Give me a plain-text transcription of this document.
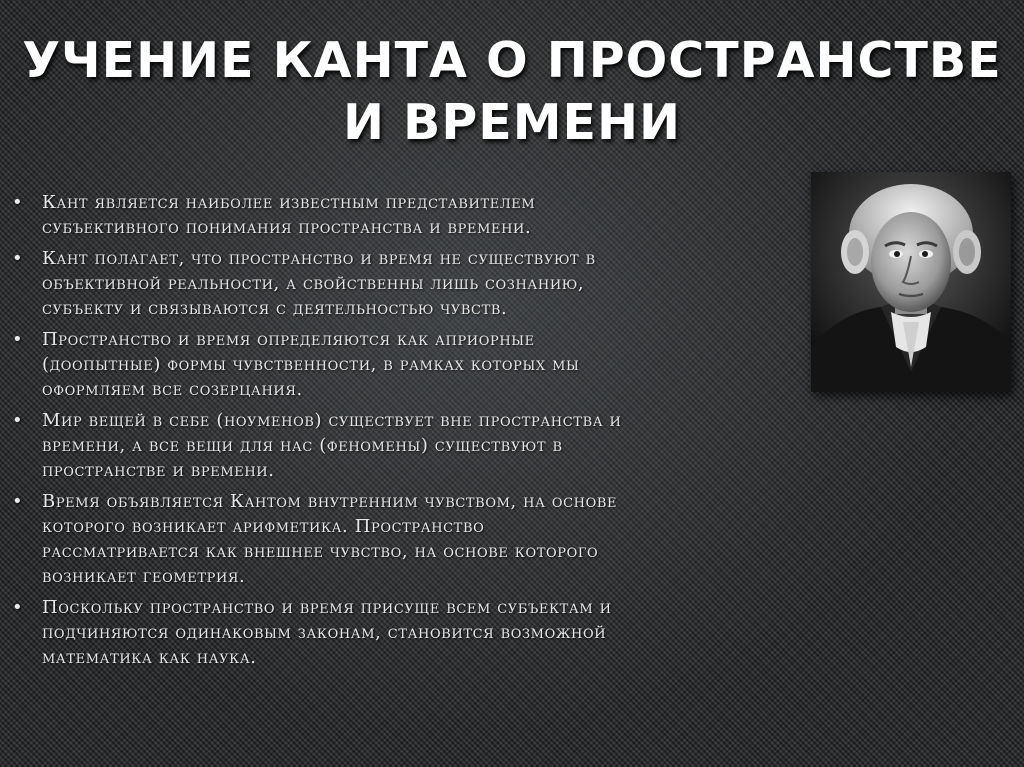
УЧЕНИЕ КАНТА О ПРОСТРАНСТВЕ
И ВРЕМЕНИ
• Кант является наиболее известным представителем
субъективного понимания пространства и времени.
• Кант полагает, что пространство и время не существуют в
объективной реальности, а свойственны лишь сознанию,
субъекту и связываются с деятельностью чувств.
• Пространство и время определяются как априорные
(доопытные) формы чувственности, в рамках которых мы
оформляем все созерцания.
• Мир вещей в себе (ноуменов) существует вне пространства и
времени, а все вещи для нас (феномены) существуют в
пространстве и времени.
• Время объявляется Кантом внутренним чувством, на основе
которого возникает арифметика. Пространство
рассматривается как внешнее чувство, на основе которого
возникает геометрия.
• Поскольку пространство и время присуще всем субъектам и
подчиняются одинаковым законам, становится возможной
математика как наука.
